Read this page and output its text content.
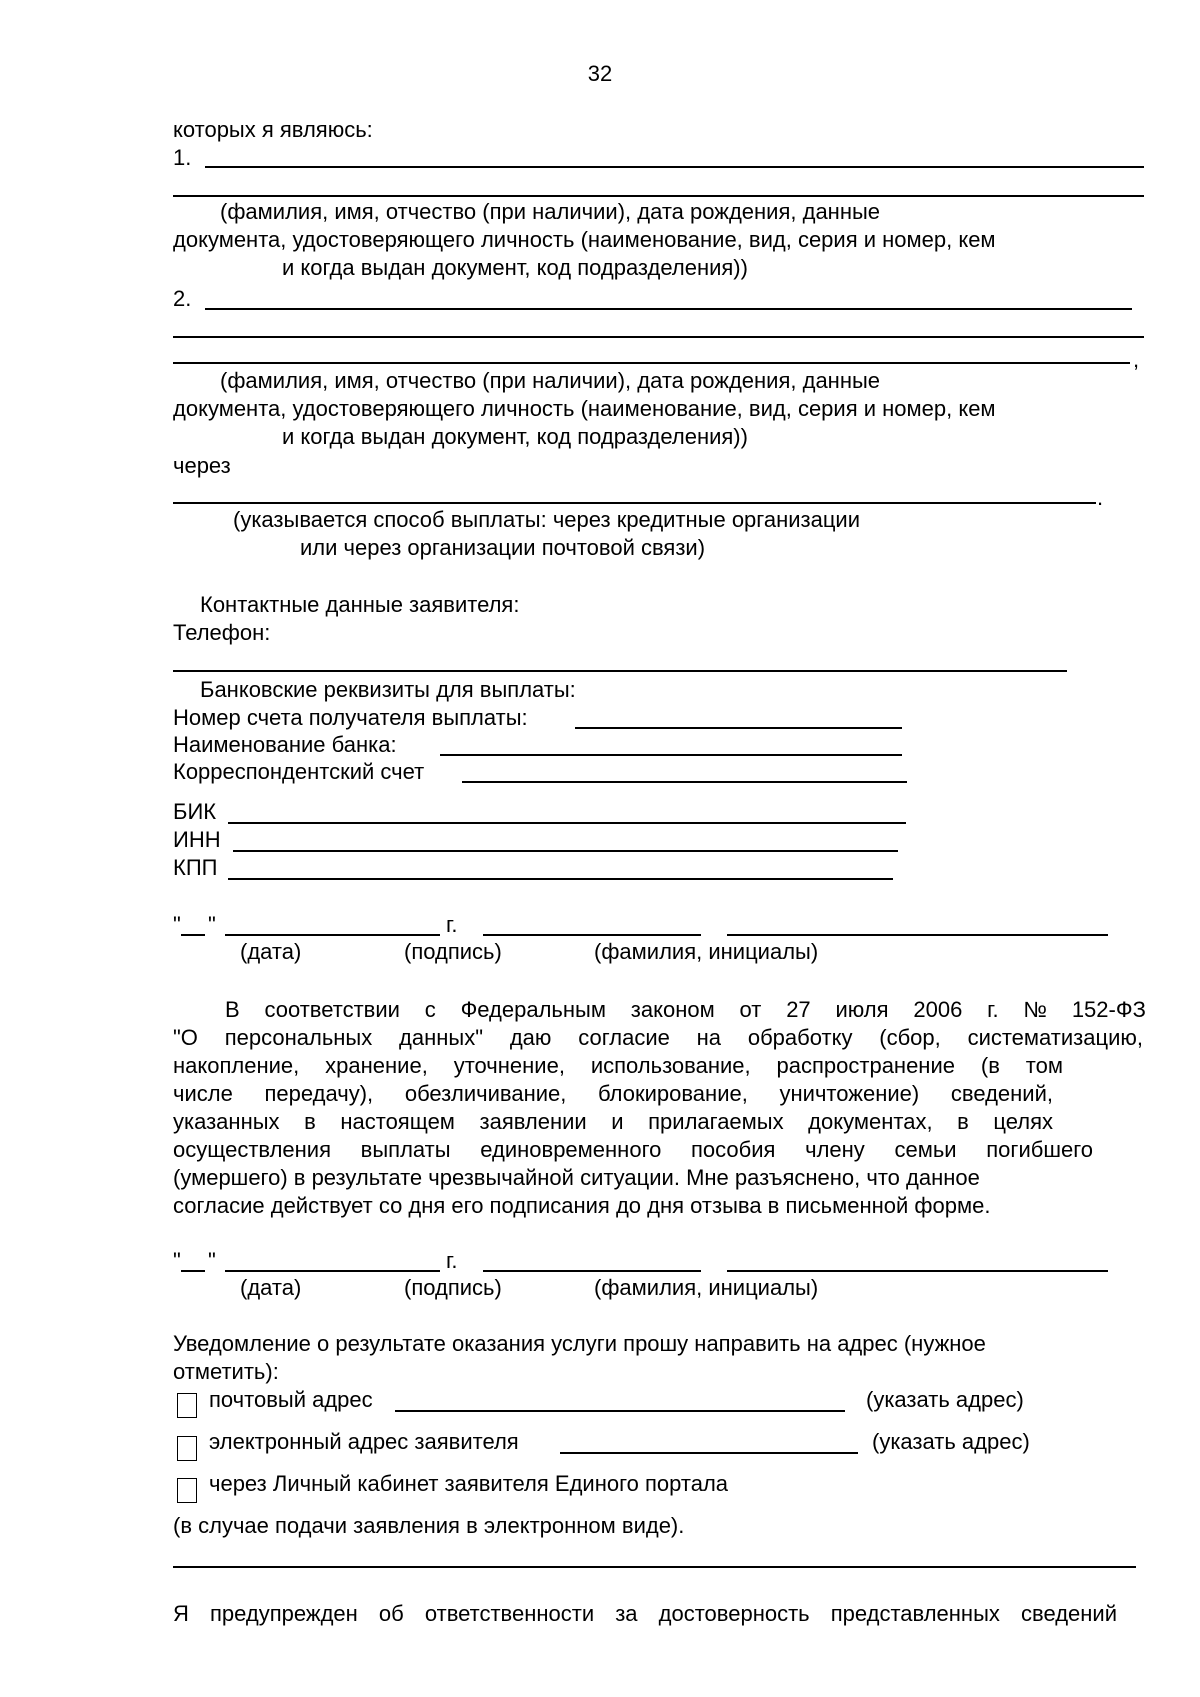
32
которых я являюсь:
1.
(фамилия, имя, отчество (при наличии), дата рождения, данные
документа, удостоверяющего личность (наименование, вид, серия и номер, кем
и когда выдан документ, код подразделения))
2.
,
(фамилия, имя, отчество (при наличии), дата рождения, данные
документа, удостоверяющего личность (наименование, вид, серия и номер, кем
и когда выдан документ, код подразделения))
через
.
(указывается способ выплаты: через кредитные организации
или через организации почтовой связи)
Контактные данные заявителя:
Телефон:
Банковские реквизиты для выплаты:
Номер счета получателя выплаты:
Наименование банка:
Корреспондентский счет
БИК
ИНН
КПП
" "	г.
(дата)	(подпись)	(фамилия, инициалы)
В соответствии с Федеральным законом от 27 июля 2006 г. № 152-ФЗ
"О персональных данных" даю согласие на обработку (сбор, систематизацию,
накопление, хранение, уточнение, использование, распространение (в том
числе передачу), обезличивание, блокирование, уничтожение) сведений,
указанных в настоящем заявлении и прилагаемых документах, в целях
осуществления выплаты единовременного пособия члену семьи погибшего
(умершего) в результате чрезвычайной ситуации. Мне разъяснено, что данное
согласие действует со дня его подписания до дня отзыва в письменной форме.
" "	г.
(дата)	(подпись)	(фамилия, инициалы)
Уведомление о результате оказания услуги прошу направить на адрес (нужное
отметить):
почтовый адрес	(указать адрес)
электронный адрес заявителя	(указать адрес)
через Личный кабинет заявителя Единого портала
(в случае подачи заявления в электронном виде).
Я предупрежден об ответственности за достоверность представленных сведений
